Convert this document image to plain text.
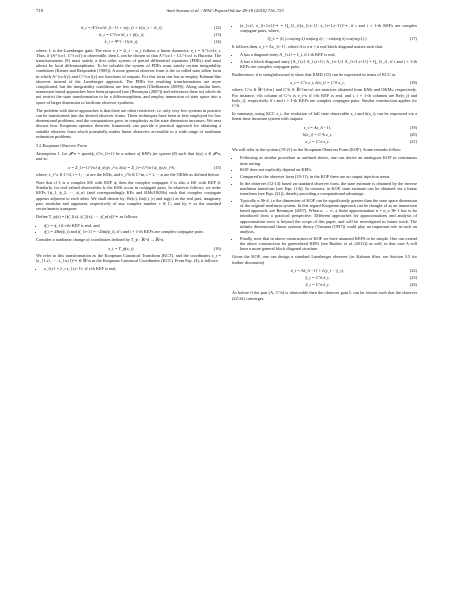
718	Amit Surana et al. / IFAC-PapersOnLine 49-18 (2016) 716–723
ŵ_t = A^{co}ŵ_{t−1} + α(y_t) + L(w_t − ŵ_t),	(12)
ŵ_t = C^{co}ŵ_t + β(y_t),	(13)
x̂_t = Ψ^{−1}(ŵ_t),	(14)

where, L is the Luenberger gain. The error e_t = ŵ_t − w_t follows a linear dynamics: e_t = A^{co}e_t. Thus, if (A^{co}, C^{co}) is observable, then L can be chosen so that A^{co} − LC^{co} is Hurwitz. The transformations (9) must satisfy a first order system of partial differential equations (PDEs) and must atleast be local diffeomorphisms. To be solvable the system of PDEs must satisfy certain integrability conditions (Krener and Respondek (1985)). A more general observer form is the so called state affine form in which A^{co}(y) and C^{co}(y) are functions of outputs. For this form one has to employ Kalman-like observer instead of the Luenberger approach. The PDEs for resulting transformations are more complicated, but the integrability conditions are less stringent (Übelhausen (2009)). Along similar lines, immersion based approaches have been proposed (see (Besançon (2007)) and references there in) which do not restrict the state transformation to be a diffeomorphism, and employ immersion of state space into a space of larger dimension to facilitate observer synthesis.

The problem with above approaches is that there are often restrictive, i.e. only very few systems in practice can be transformed into the desired observer forms. These techniques have been at best employed for low dimensional problems, and the computations grow in complexity as the state dimension increases. We next discuss how Koopman operator theoretic framework can provide a practical approach for obtaining a suitable observer form which potentially makes linear observers accessible to a wide range of nonlinear estimation problems.

3.2 Koopman Observer Form

Assumption 1. Let 𝓕^n = span{ϕ_i}^n_{i=1} be a subset of KEFs for system (8) such that h(x), x ∈ 𝓕^n, and so

x = Σ_{i=1}^{n} ϕ_i(x)v_i^x, h(x) = Σ_{i=1}^{n} ϕ_i(x)v_i^h,	(15)

where, v_i^x ∈ C^d, i = 1,···,n are the KMs, and v_i^h ∈ C^m, i = 1,···,n are the OKMs as defined before.

Note that if λ is a complex KE with KEF ϕ, then the complex conjugate λ̄ is also a KE with KEF ϕ̄. Similarly, for real valued observables h, the KMs occur in conjugate pairs. In whatever follows, we order KEFs {ϕ_1, ϕ_2, ···, ϕ_n} (and correspondingly KEs and KMs/OKMs) such that complex conjugate appears adjacent to each other. We shall denote by: Re(c), Im(c), |c| and arg(c) as the real part, imaginary part, modulus and argument, respectively of any complex number c ∈ C; and by ∗ as the standard vector/matrix transpose.

Define T_ϕ(x) = (ϕ̃_1(x), ϕ̃_2(x), ···, ϕ̃_n(x))^∗ as follows:

• ϕ̃_i = ϕ_i if i-th KEF is real, and
• ϕ̃_i = 2Re(ϕ_i) and ϕ̃_{i+1} = −2Im(ϕ_i), if i and i + 1-th KEFs are complex conjugate pairs.

Consider a nonlinear change of coordinates defined by T_ϕ : ℝ^d → ℝ^n,

z_t = T_ϕ(x_t).	(16)

We refer to this transformation as the Koopman Canonical Transform (KCT), and the coordinates z_t = (z_{1,t}, ···, z_{n,t})^∗ ∈ ℝ^n as the Koopman Canonical Coordinates (KCC). From Eqs. (4), it follows:

• z_{i,t} = λ_i z_{i,t−1}, if i-th KEF is real,
• (z_{i,t}, z_{i+1,t})^∗ = Q_{λ_i}(z_{i,t−1}, z_{i+1,t−1})^∗, if i and i + 1-th KEFs are complex conjugate pairs, where,
Q_λ = |λ| ( cos(arg λ) sin(arg λ) ; −sin(arg λ) cos(arg λ) ).	(17)

It follows then, z_t = Az_{t−1}, where A is a n × n real block diagonal matrix such that:

• A has a diagonal entry A_{i,i} = λ_i, if i-th KEF is real,
• A has a block diagonal entry [A_{i,i} A_{i,i+1}; A_{i+1,i} A_{i+1,i+1}] = Q_{λ_i}, if i and i + 1-th KEFs are complex conjugate pairs.

Furthermore, it is straightforward to show that KMD (15) can be expressed in terms of KCC as

x_t = C^x z_t, h(x_t) = C^h z_t,	(18)

where, C^x ∈ ℝ^{d×n} and C^h ∈ ℝ^{m×n} are matrices obtained from KMs and OKMs, respectively. For instance, i-th column of C^x is v_i^x if i-th KEF is real, and i, i + 1-th columns are Re(v_i) and Im(v_i), respectively if i and i + 1-th KEFs are complex conjugate pairs. Similar construction applies for C^h.

In summary, using KCC z_t, the evolution of full state observable x_t and h(x_t) can be expressed via a linear time invariant system with outputs:

z_t = Az_{t−1},	(19)
h(x_t) = C^h z_t,	(20)
x_t = C^x z_t.	(21)

We will refer to the system (19-21) as the Koopman Observer Form (KOF). Some remarks follow:

• Following as similar procedure as outlined above, one can derive an analogous KOF in continuous time setting.
• KOF does not explicitly depend on KEFs.
• Compared to the observer form (10-11), in the KOF there are no output injection terms.
• In the observer (12-14) based on standard observer form, the state estimate is obtained by the inverse nonlinear transform (see Eqn. (14)). In contrast, in KOF, state estimate can be obtained via a linear transform (see Eqn. (21)), thereby providing a computational advantage.
• Typically n ≫ d, i.e the dimension of KOF can be significantly greater than the state space dimension of the original nonlinear system. In this regard Koopman approach can be thought of as an immersion based approach, see Besançon (2007). When n → ∞, a finite approximation n = n_o ≫ 1 has to be introduced from a practical perspective. Different approaches for approximations and analysis of approximation error is beyond the scope of this paper, and will be investigated in future work. The infinite dimensional linear systems theory (Tzmann (1997)) could play an important role in such an analysis.
• Finally, note that in above construction of KOF we have assumed KEFS to be simple. One can extend the above construction for generalized KEFs (see Budisic et al. (2012)) as well, in that case A will have a more general block diagonal structure.

Given the KOF, one can design a standard Luenberger observer (or Kalman filter, see Section 3.5 for further discussion)

ẑ_t = Aẑ_{t−1} + L(y_t − ŷ_t),	(22)
ŷ_t = C^h ẑ_t,	(23)
x̂_t = C^x ẑ_t.	(24)

As before if the pair (A, C^h) is observable then the observer gain L can be chosen such that the observer (22-24) converges.
